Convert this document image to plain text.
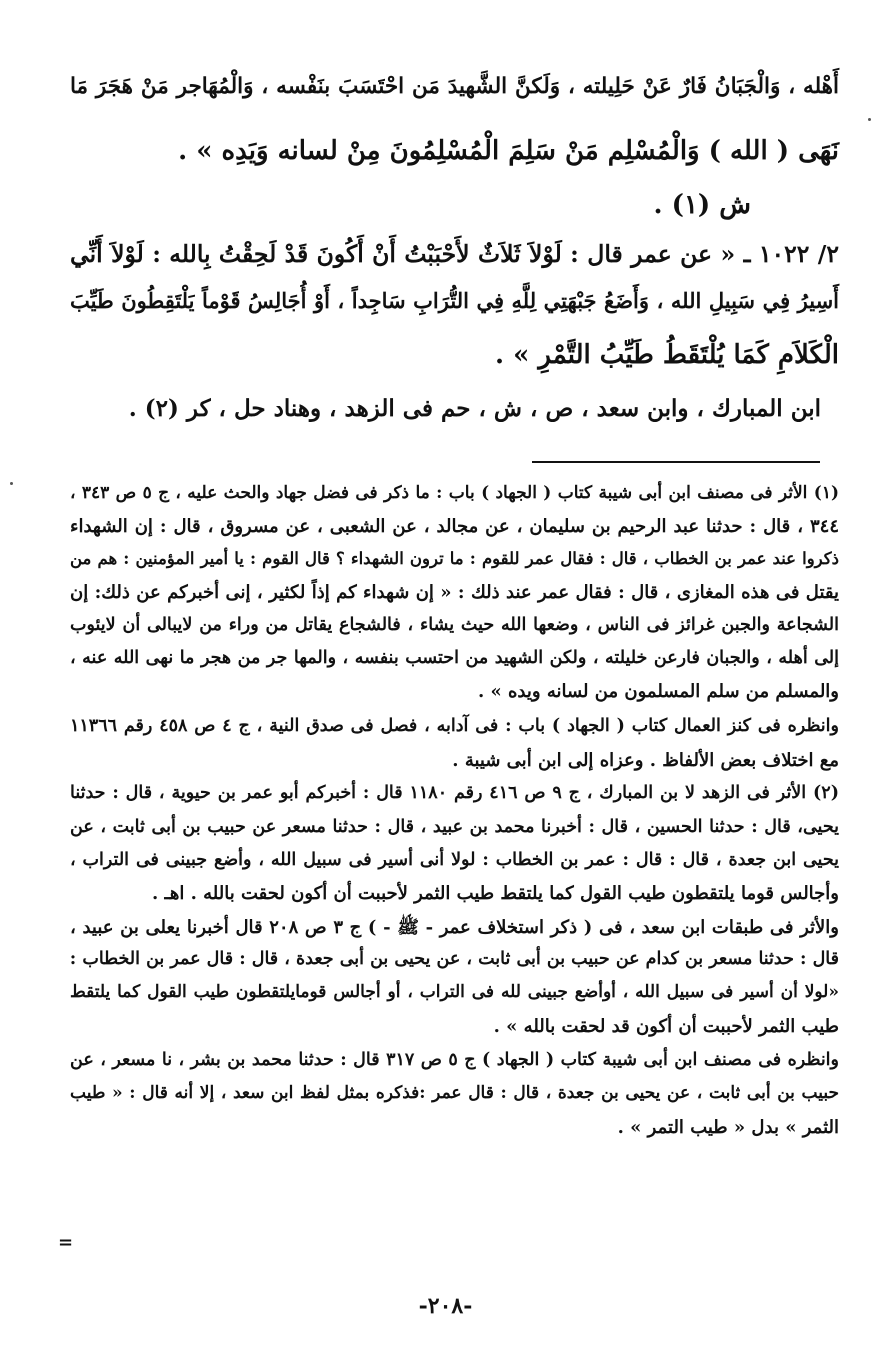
أَهْله ، وَالْجَبَانُ فَارٌ عَنْ حَلِيلته ، وَلَكنَّ الشَّهيدَ مَن احْتَسَبَ بنَفْسه ، وَالْمُهَاجر مَنْ هَجَرَ مَا
نَهَى ( الله ) وَالْمُسْلِم مَنْ سَلِمَ الْمُسْلِمُونَ مِنْ لسانه وَيَدِه » .
ش (١) .
٢/ ١٠٢٢ ـ « عن عمر قال : لَوْلاَ ثَلاَثٌ لأَحْبَبْتُ أَنْ أَكُونَ قَدْ لَحِقْتُ بِالله : لَوْلاَ أَنِّي
أَسِيرُ فِي سَبِيلِ الله ، وَأَضَعُ جَبْهَتِي لِلَّهِ فِي التُّرَابِ سَاجِداً ، أَوْ أُجَالِسُ قَوْماً يَلْتَقِطُونَ طَيِّبَ
الْكَلاَمِ كَمَا يُلْتَقَطُ طَيِّبُ التَّمْرِ » .
ابن المبارك ، وابن سعد ، ص ، ش ، حم فى الزهد ، وهناد حل ، كر (٢) .
(١) الأثر فى مصنف ابن أبى شيبة كتاب ( الجهاد ) باب : ما ذكر فى فضل جهاد والحث عليه ، ج ٥ ص ٣٤٣ ،
٣٤٤ ، قال : حدثنا عبد الرحيم بن سليمان ، عن مجالد ، عن الشعبى ، عن مسروق ، قال : إن الشهداء
ذكروا عند عمر بن الخطاب ، قال : فقال عمر للقوم : ما ترون الشهداء ؟ قال القوم : يا أمير المؤمنين : هم من
يقتل فى هذه المغازى ، قال : فقال عمر عند ذلك : « إن شهداء كم إذاً لكثير ، إنى أخبركم عن ذلك: إن
الشجاعة والجبن غرائز فى الناس ، وضعها الله حيث يشاء ، فالشجاع يقاتل من وراء من لايبالى أن لايئوب
إلى أهله ، والجبان فارعن خليلته ، ولكن الشهيد من احتسب بنفسه ، والمها جر من هجر ما نهى الله عنه ،
والمسلم من سلم المسلمون من لسانه ويده » .
وانظره فى كنز العمال كتاب ( الجهاد ) باب : فى آدابه ، فصل فى صدق النية ، ج ٤ ص ٤٥٨ رقم ١١٣٦٦
مع اختلاف بعض الألفاظ . وعزاه إلى ابن أبى شيبة .
(٢) الأثر فى الزهد لا بن المبارك ، ج ٩ ص ٤١٦ رقم ١١٨٠ قال : أخبركم أبو عمر بن حيوية ، قال : حدثنا
يحيى، قال : حدثنا الحسين ، قال : أخبرنا محمد بن عبيد ، قال : حدثنا مسعر عن حبيب بن أبى ثابت ، عن
يحيى ابن جعدة ، قال : قال : عمر بن الخطاب : لولا أنى أسير فى سبيل الله ، وأضع جبينى فى التراب ،
وأجالس قوما يلتقطون طيب القول كما يلتقط طيب الثمر لأحببت أن أكون لحقت بالله . اهـ .
والأثر فى طبقات ابن سعد ، فى ( ذكر استخلاف عمر - ﷺ - ) ج ٣ ص ٢٠٨ قال أخبرنا يعلى بن عبيد ،
قال : حدثنا مسعر بن كدام عن حبيب بن أبى ثابت ، عن يحيى بن أبى جعدة ، قال : قال عمر بن الخطاب :
«لولا أن أسير فى سبيل الله ، أوأضع جبينى لله فى التراب ، أو أجالس قومايلتقطون طيب القول كما يلتقط
طيب الثمر لأحببت أن أكون قد لحقت بالله » .
وانظره فى مصنف ابن أبى شيبة كتاب ( الجهاد ) ج ٥ ص ٣١٧ قال : حدثنا محمد بن بشر ، نا مسعر ، عن
حبيب بن أبى ثابت ، عن يحيى بن جعدة ، قال : قال عمر :فذكره بمثل لفظ ابن سعد ، إلا أنه قال : « طيب
الثمر » بدل « طيب التمر » .
=
-٢٠٨-
